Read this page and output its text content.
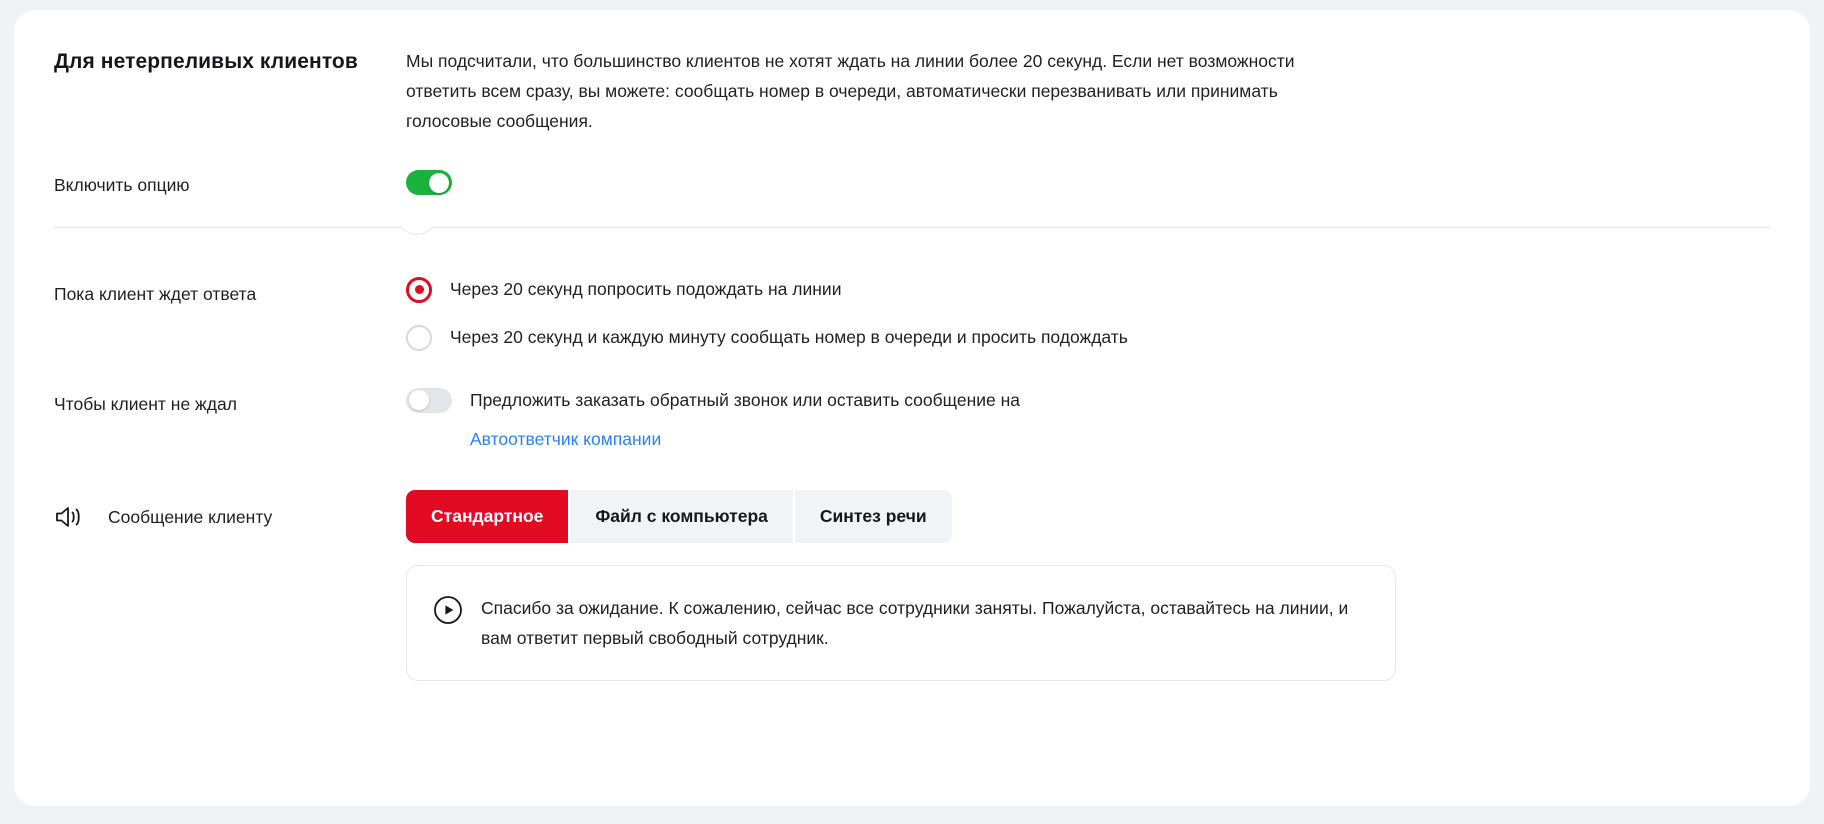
Для нетерпеливых клиентов	Мы подсчитали, что большинство клиентов не хотят ждать на линии более 20 секунд. Если нет возможности ответить всем сразу, вы можете: сообщать номер в очереди, автоматически перезванивать или принимать голосовые сообщения.
Включить опцию
Пока клиент ждет ответа	Через 20 секунд попросить подождать на линии
Через 20 секунд и каждую минуту сообщать номер в очереди и просить подождать
Чтобы клиент не ждал	Предложить заказать обратный звонок или оставить сообщение на
Автоответчик компании
Сообщение клиенту	Стандартное	Файл с компьютера	Синтез речи
Спасибо за ожидание. К сожалению, сейчас все сотрудники заняты. Пожалуйста, оставайтесь на линии, и вам ответит первый свободный сотрудник.
